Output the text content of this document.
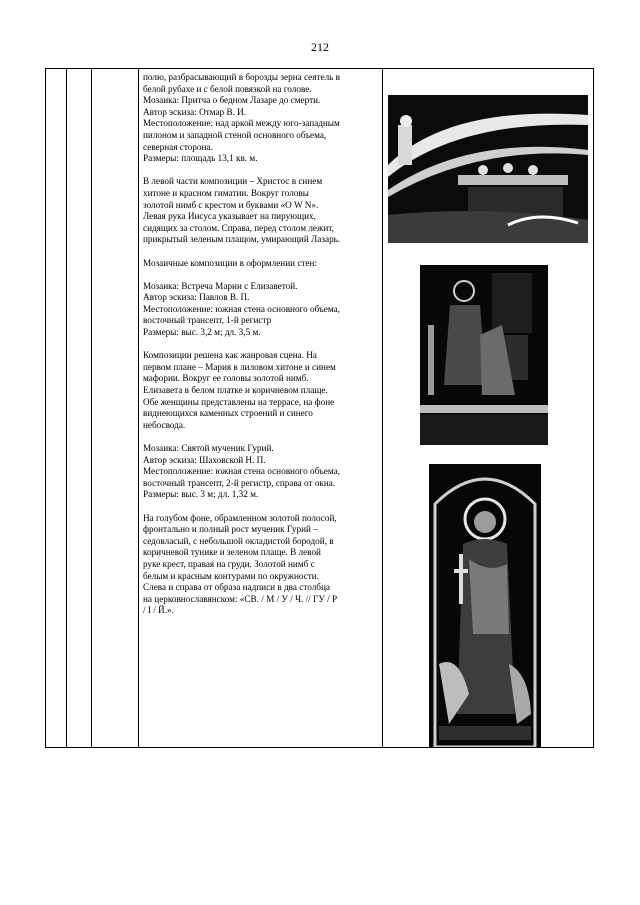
212

полю, разбрасывающий в борозды зерна сеятель в

белой рубахе и с белой повязкой на голове.

Мозаика: Притча о бедном Лазаре до смерти.

Автор эскиза: Отмар В. И.

Местоположение: над аркой между юго-западным

пилоном и западной стеной основного объема,

северная сторона.

Размеры: площадь 13,1 кв. м.

В левой части композиции – Христос в синем

хитоне и красном гиматии. Вокруг головы

золотой нимб с крестом и буквами «O W N».

Левая рука Иисуса указывает на пирующих,

сидящих за столом. Справа, перед столом лежит,

прикрытый зеленым плащом, умирающий Лазарь.

Мозаичные композиции в оформлении стен:

Мозаика: Встреча Марии с Елизаветой.

Автор эскиза: Павлов В. П.

Местоположение: южная стена основного объема,

восточный трансепт, 1-й регистр

Размеры: выс. 3,2 м; дл. 3,5 м.

Композиции решена как жанровая сцена. На

первом плане – Мария в лиловом хитоне и синем

мафории. Вокруг ее головы золотой нимб.

Елизавета в белом платке и коричневом плаще.

Обе женщины представлены на террасе, на фоне

виднеющихся каменных строений и синего

небосвода.

Мозаика: Святой мученик Гурий.

Автор эскиза: Шаховской Н. П.

Местоположение: южная стена основного объема,

восточный трансепт, 2-й регистр, справа от окна.

Размеры: выс. 3 м; дл. 1,32 м.

На голубом фоне, обрамленном золотой полосой,

фронтально и полный рост мученик Гурий –

седовласый, с небольшой окладистой бородой, в

коричневой тунике и зеленом плаще. В левой

руке крест, правая на груди. Золотой нимб с

белым и красным контурами по окружности.

Слева и справа от образа надписи в два столбца

на церковнославянском: «СВ. / М / У / Ч. // ГУ / Р

/ I / Й.».
